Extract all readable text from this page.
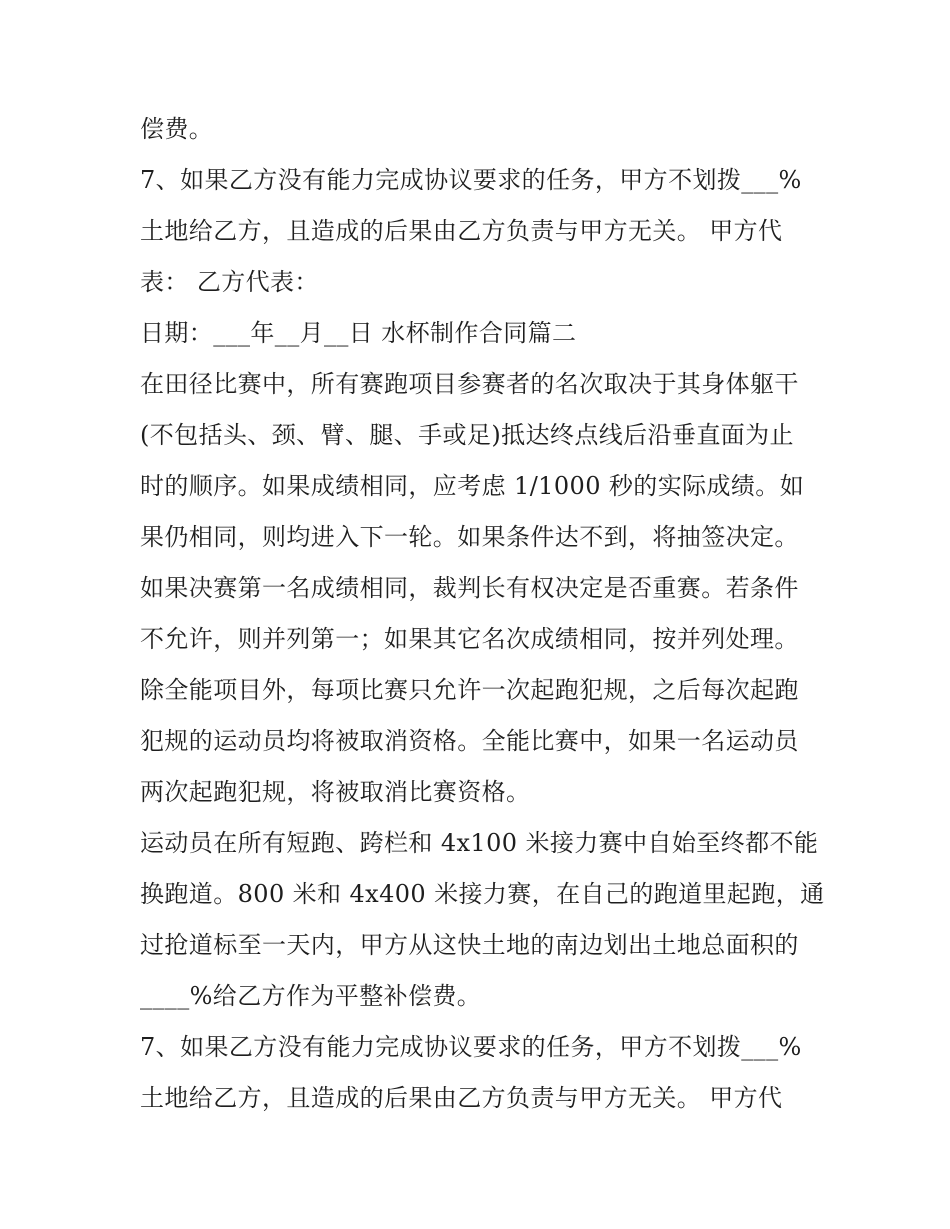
偿费。
7、如果乙方没有能力完成协议要求的任务，甲方不划拨___%
土地给乙方，且造成的后果由乙方负责与甲方无关。 甲方代
表： 乙方代表：
日期：___年__月__日 水杯制作合同篇二
在田径比赛中，所有赛跑项目参赛者的名次取决于其身体躯干
(不包括头、颈、臂、腿、手或足)抵达终点线后沿垂直面为止
时的顺序。如果成绩相同，应考虑 1/1000 秒的实际成绩。如
果仍相同，则均进入下一轮。如果条件达不到，将抽签决定。
如果决赛第一名成绩相同，裁判长有权决定是否重赛。若条件
不允许，则并列第一；如果其它名次成绩相同，按并列处理。
除全能项目外，每项比赛只允许一次起跑犯规，之后每次起跑
犯规的运动员均将被取消资格。全能比赛中，如果一名运动员
两次起跑犯规，将被取消比赛资格。
运动员在所有短跑、跨栏和 4x100 米接力赛中自始至终都不能
换跑道。800 米和 4x400 米接力赛，在自己的跑道里起跑，通
过抢道标至一天内，甲方从这快土地的南边划出土地总面积的
____%给乙方作为平整补偿费。
7、如果乙方没有能力完成协议要求的任务，甲方不划拨___%
土地给乙方，且造成的后果由乙方负责与甲方无关。 甲方代
